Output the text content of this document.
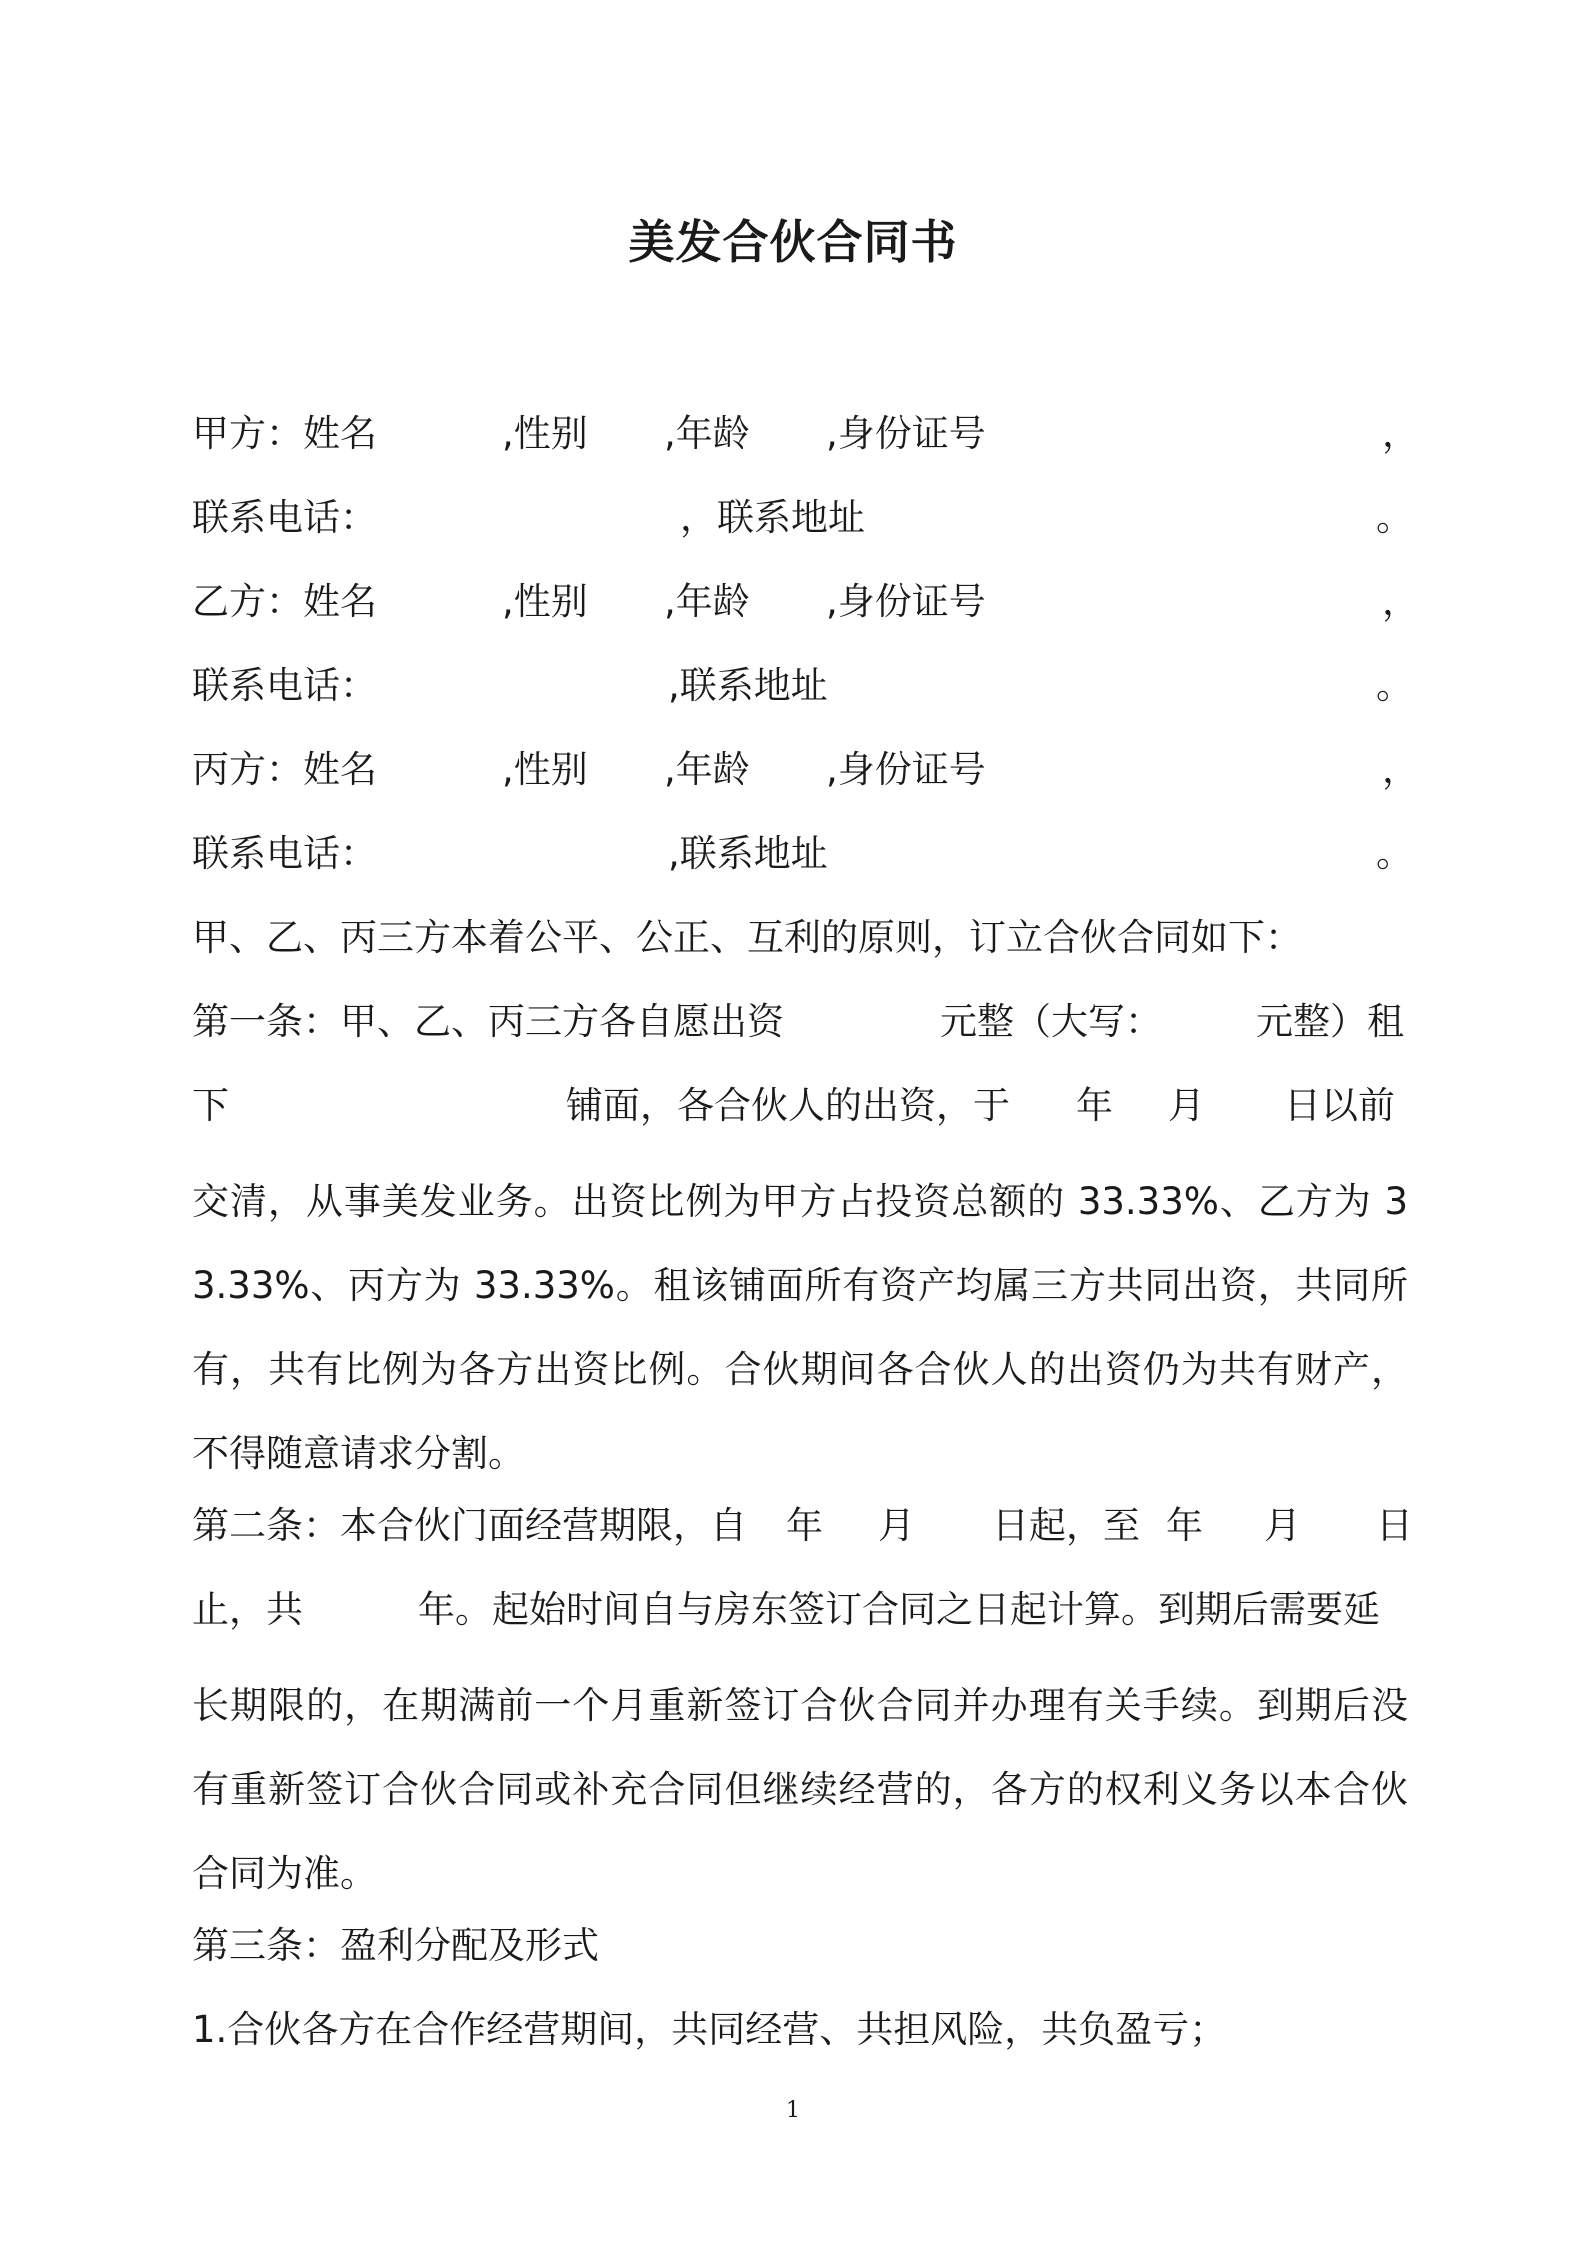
美发合伙合同书
甲方：姓名	,性别 ,年龄 ,身份证号	，
联系电话：	，联系地址	。
乙方：姓名	,性别 ,年龄 ,身份证号	，
联系电话：	,联系地址	。
丙方：姓名	,性别 ,年龄 ,身份证号	，
联系电话：	,联系地址	。
甲、乙、丙三方本着公平、公正、互利的原则，订立合伙合同如下：
第一条：甲、乙、丙三方各自愿出资	元整（大写：	元整）租
下	铺面，各合伙人的出资，于 年 月 日以前
交清，从事美发业务。出资比例为甲方占投资总额的 33.33%、乙方为 33.33%、丙方为 33.33%。租该铺面所有资产均属三方共同出资，共同所有，共有比例为各方出资比例。合伙期间各合伙人的出资仍为共有财产，不得随意请求分割。
第二条：本合伙门面经营期限，自 年 月 日起，至 年 月 日
止，共	年。起始时间自与房东签订合同之日起计算。到期后需要延
长期限的，在期满前一个月重新签订合伙合同并办理有关手续。到期后没有重新签订合伙合同或补充合同但继续经营的，各方的权利义务以本合伙合同为准。
第三条：盈利分配及形式
1.合伙各方在合作经营期间，共同经营、共担风险，共负盈亏；
1
